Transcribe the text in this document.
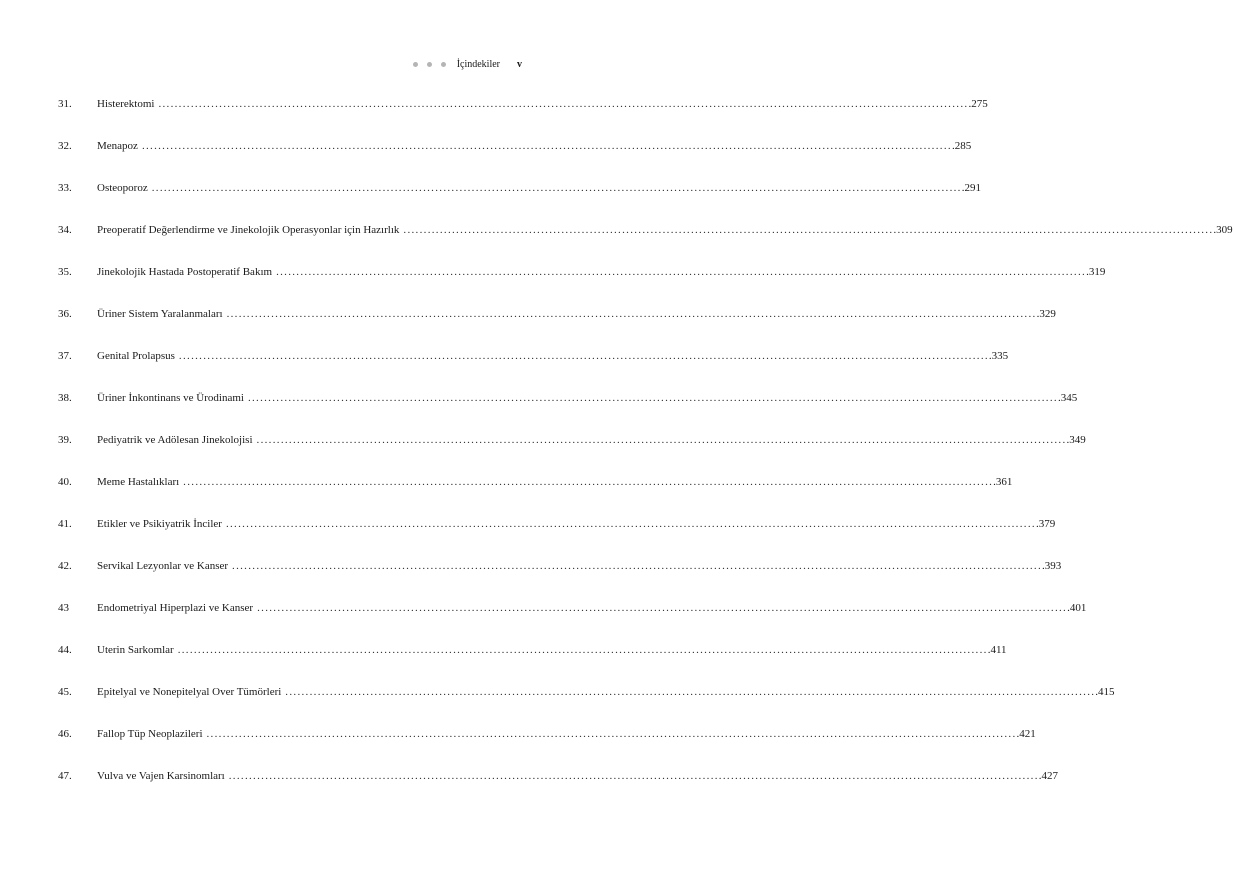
İçindekiler v
31.	Histerektomi ........................................................................................................................................................................................................ .275
32.	Menapoz ........................................................................................................................................................................................................ .285
33.	Osteoporoz ........................................................................................................................................................................................................ .291
34.	Preoperatif Değerlendirme ve Jinekolojik Operasyonlar için Hazırlık ........................................................................................................................................................................................................ .309
35.	Jinekolojik Hastada Postoperatif Bakım ........................................................................................................................................................................................................ .319
36.	Üriner Sistem Yaralanmaları ........................................................................................................................................................................................................ .329
37.	Genital Prolapsus ........................................................................................................................................................................................................ .335
38.	Üriner İnkontinans ve Ürodinami ........................................................................................................................................................................................................ .345
39.	Pediyatrik ve Adölesan Jinekolojisi ........................................................................................................................................................................................................ .349
40.	Meme Hastalıkları ........................................................................................................................................................................................................ .361
41.	Etikler ve Psikiyatrik İnciler ........................................................................................................................................................................................................ .379
42.	Servikal Lezyonlar ve Kanser ........................................................................................................................................................................................................ .393
43	Endometriyal Hiperplazi ve Kanser ........................................................................................................................................................................................................ .401
44.	Uterin Sarkomlar ........................................................................................................................................................................................................ .411
45.	Epitelyal ve Nonepitelyal Over Tümörleri ........................................................................................................................................................................................................ .415
46.	Fallop Tüp Neoplazileri ........................................................................................................................................................................................................ .421
47.	Vulva ve Vajen Karsinomları ........................................................................................................................................................................................................ .427
